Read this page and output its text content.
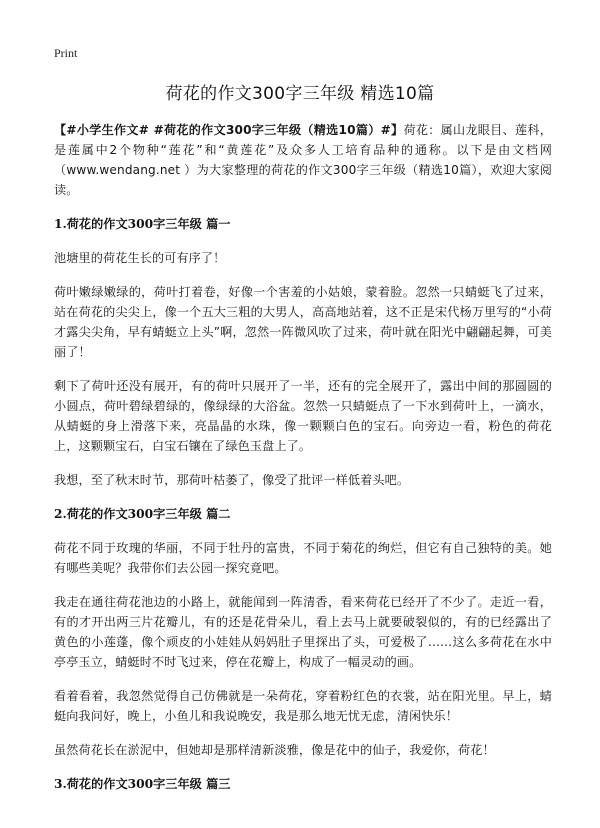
Print
荷花的作文300字三年级 精选10篇

【#小学生作文# #荷花的作文300字三年级（精选10篇）#】荷花：属山龙眼目、莲科，是莲属中2个物种“莲花”和“黄莲花”及众多人工培育品种的通称。以下是由文档网（www.wendang.net ）为大家整理的荷花的作文300字三年级（精选10篇），欢迎大家阅读。

1.荷花的作文300字三年级 篇一

池塘里的荷花生长的可有序了！

荷叶嫩绿嫩绿的，荷叶打着卷，好像一个害羞的小姑娘，蒙着脸。忽然一只蜻蜓飞了过来，站在荷花的尖尖上，像一个五大三粗的大男人，高高地站着，这不正是宋代杨万里写的“小荷才露尖尖角，早有蜻蜓立上头”啊，忽然一阵微风吹了过来，荷叶就在阳光中翩翩起舞，可美丽了！

剩下了荷叶还没有展开，有的荷叶只展开了一半，还有的完全展开了，露出中间的那圆圆的小圆点，荷叶碧绿碧绿的，像绿绿的大浴盆。忽然一只蜻蜓点了一下水到荷叶上，一滴水，从蜻蜓的身上滑落下来，亮晶晶的水珠，像一颗颗白色的宝石。向旁边一看，粉色的荷花上，这颗颗宝石，白宝石镶在了绿色玉盘上了。

我想，至了秋末时节，那荷叶枯萎了，像受了批评一样低着头吧。

2.荷花的作文300字三年级 篇二

荷花不同于玫瑰的华丽，不同于牡丹的富贵，不同于菊花的绚烂，但它有自己独特的美。她有哪些美呢？我带你们去公园一探究竟吧。

我走在通往荷花池边的小路上，就能闻到一阵清香，看来荷花已经开了不少了。走近一看，有的才开出两三片花瓣儿，有的还是花骨朵儿，看上去马上就要破裂似的，有的已经露出了黄色的小莲蓬，像个顽皮的小娃娃从妈妈肚子里探出了头，可爱极了……这么多荷花在水中亭亭玉立，蜻蜓时不时飞过来，停在花瓣上，构成了一幅灵动的画。

看着看着，我忽然觉得自己仿佛就是一朵荷花，穿着粉红色的衣裳，站在阳光里。早上，蜻蜓向我问好，晚上，小鱼儿和我说晚安，我是那么地无忧无虑，清闲快乐！

虽然荷花长在淤泥中，但她却是那样清新淡雅，像是花中的仙子，我爱你，荷花！

3.荷花的作文300字三年级 篇三
